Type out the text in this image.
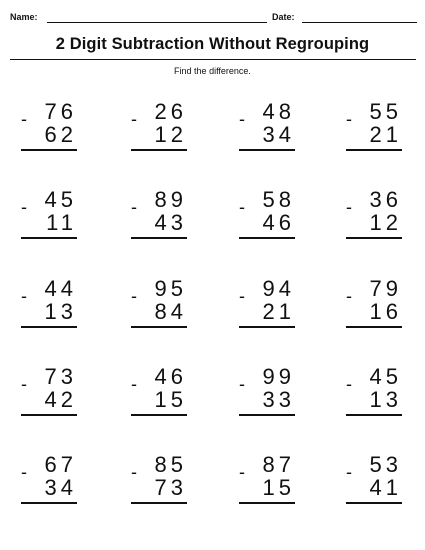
Name:	Date:
2 Digit Subtraction Without Regrouping
Find the difference.
76
-
62
26
-
12
48
-
34
55
-
21
45
-
11
89
-
43
58
-
46
36
-
12
44
-
13
95
-
84
94
-
21
79
-
16
73
-
42
46
-
15
99
-
33
45
-
13
67
-
34
85
-
73
87
-
15
53
-
41
